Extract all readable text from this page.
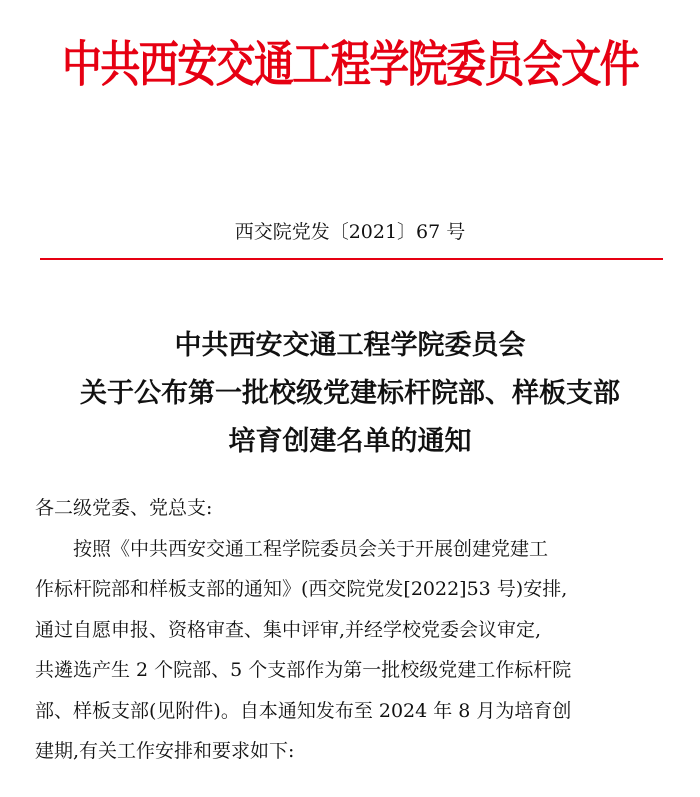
中共西安交通工程学院委员会文件
西交院党发〔2021〕67 号
中共西安交通工程学院委员会
关于公布第一批校级党建标杆院部、样板支部
培育创建名单的通知
各二级党委、党总支:
按照《中共西安交通工程学院委员会关于开展创建党建工
作标杆院部和样板支部的通知》(西交院党发[2022]53 号)安排,
通过自愿申报、资格审查、集中评审,并经学校党委会议审定,
共遴选产生 2 个院部、5 个支部作为第一批校级党建工作标杆院
部、样板支部(见附件)。自本通知发布至 2024 年 8 月为培育创
建期,有关工作安排和要求如下:
